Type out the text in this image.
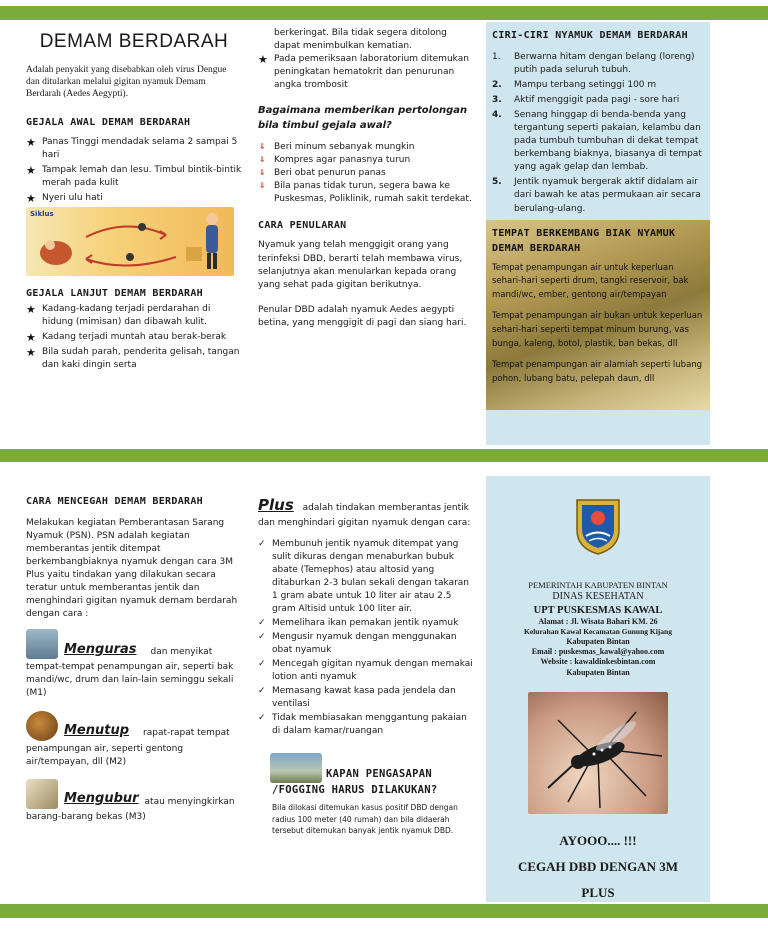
DEMAM BERDARAH

Adalah penyakit yang disebabkan oleh virus Dengue dan ditularkan melalui gigitan nyamuk Demam Berdarah (Aedes Aegypti).

GEJALA AWAL DEMAM BERDARAH
★ Panas Tinggi mendadak selama 2 sampai 5 hari
★ Tampak lemah dan lesu. Timbul bintik-bintik merah pada kulit
★ Nyeri ulu hati
Siklus
GEJALA LANJUT DEMAM BERDARAH
★ Kadang-kadang terjadi perdarahan di hidung (mimisan) dan dibawah kulit.
★ Kadang terjadi muntah atau berak-berak
★ Bila sudah parah, penderita gelisah, tangan dan kaki dingin serta

berkeringat. Bila tidak segera ditolong dapat menimbulkan kematian.

★ Pada pemeriksaan laboratorium ditemukan peningkatan hematokrit dan penurunan angka trombosit
Bagaimana memberikan pertolongan bila timbul gejala awal?
⇓ Beri minum sebanyak mungkin
⇓ Kompres agar panasnya turun
⇓ Beri obat penurun panas
⇓ Bila panas tidak turun, segera bawa ke Puskesmas, Poliklinik, rumah sakit terdekat.
CARA PENULARAN

Nyamuk yang telah menggigit orang yang terinfeksi DBD, berarti telah membawa virus, selanjutnya akan menularkan kepada orang yang sehat pada gigitan berikutnya.

Penular DBD adalah nyamuk Aedes aegypti betina, yang menggigit di pagi dan siang hari.

CIRI-CIRI NYAMUK DEMAM BERDARAH
1. Berwarna hitam dengan belang (loreng) putih pada seluruh tubuh.
2. Mampu terbang setinggi 100 m
3. Aktif menggigit pada pagi - sore hari
4. Senang hinggap di benda-benda yang tergantung seperti pakaian, kelambu dan pada tumbuh tumbuhan di dekat tempat berkembang biaknya, biasanya di tempat yang agak gelap dan lembab.
5. Jentik nyamuk bergerak aktif didalam air dari bawah ke atas permukaan air secara berulang-ulang.
TEMPAT BERKEMBANG BIAK NYAMUK DEMAM BERDARAH

Tempat penampungan air untuk keperluan sehari-hari seperti drum, tangki reservoir, bak mandi/wc, ember, gentong air/tempayan

Tempat penampungan air bukan untuk keperluan sehari-hari seperti tempat minum burung, vas bunga, kaleng, botol, plastik, ban bekas, dll

Tempat penampungan air alamiah seperti lubang pohon, lubang batu, pelepah daun, dll

CARA MENCEGAH DEMAM BERDARAH

Melakukan kegiatan Pemberantasan Sarang Nyamuk (PSN). PSN adalah kegiatan memberantas jentik ditempat berkembangbiaknya nyamuk dengan cara 3M Plus yaitu tindakan yang dilakukan secara teratur untuk memberantas jentik dan menghindari gigitan nyamuk demam berdarah dengan cara :

Menguras dan menyikat

tempat-tempat penampungan air, seperti bak mandi/wc, drum dan lain-lain seminggu sekali (M1)

Menutup rapat-rapat tempat

penampungan air, seperti gentong air/tempayan, dll (M2)

Mengubur atau menyingkirkan

barang-barang bekas (M3)

Plus adalah tindakan memberantas jentik dan menghindari gigitan nyamuk dengan cara:

✓ Membunuh jentik nyamuk ditempat yang sulit dikuras dengan menaburkan bubuk abate (Temephos) atau altosid yang ditaburkan 2-3 bulan sekali dengan takaran 1 gram abate untuk 10 liter air atau 2.5 gram Altisid untuk 100 liter air.
✓ Memelihara ikan pemakan jentik nyamuk
✓ Mengusir nyamuk dengan menggunakan obat nyamuk
✓ Mencegah gigitan nyamuk dengan memakai lotion anti nyamuk
✓ Memasang kawat kasa pada jendela dan ventilasi
✓ Tidak membiasakan menggantung pakaian di dalam kamar/ruangan
KAPAN PENGASAPAN
/FOGGING HARUS DILAKUKAN?

Bila dilokasi ditemukan kasus positif DBD dengan radius 100 meter (40 rumah) dan bila didaerah tersebut ditemukan banyak jentik nyamuk DBD.

PEMERINTAH KABUPATEN BINTAN
DINAS KESEHATAN
UPT PUSKESMAS KAWAL
Alamat : Jl. Wisata Bahari KM. 26
Kelurahan Kawal Kecamatan Gunung Kijang
Kabupaten Bintan
Email : puskesmas_kawal@yahoo.com
Website : kawaldinkesbintan.com
Kabupaten Bintan
AYOOO.... !!!
CEGAH DBD DENGAN 3M
PLUS
